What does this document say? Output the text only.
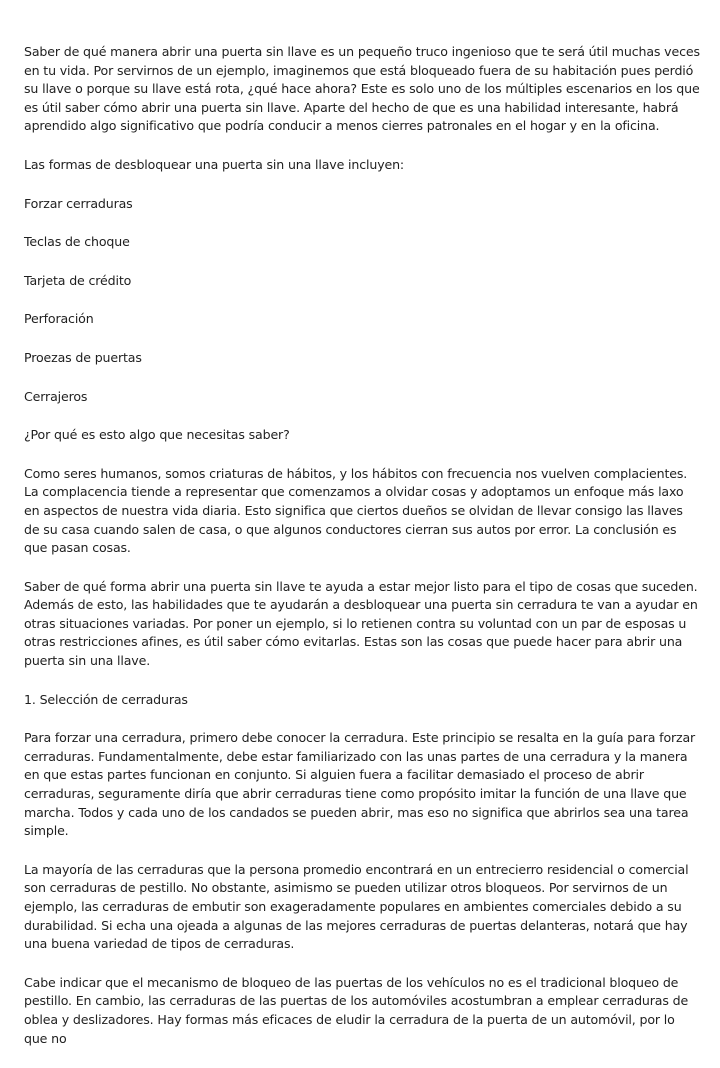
Saber de qué manera abrir una puerta sin llave es un pequeño truco ingenioso que te será útil muchas veces en tu vida. Por servirnos de un ejemplo, imaginemos que está bloqueado fuera de su habitación pues perdió su llave o porque su llave está rota, ¿qué hace ahora? Este es solo uno de los múltiples escenarios en los que es útil saber cómo abrir una puerta sin llave. Aparte del hecho de que es una habilidad interesante, habrá aprendido algo significativo que podría conducir a menos cierres patronales en el hogar y en la oficina.

Las formas de desbloquear una puerta sin una llave incluyen:

Forzar cerraduras

Teclas de choque

Tarjeta de crédito

Perforación

Proezas de puertas

Cerrajeros

¿Por qué es esto algo que necesitas saber?

Como seres humanos, somos criaturas de hábitos, y los hábitos con frecuencia nos vuelven complacientes. La complacencia tiende a representar que comenzamos a olvidar cosas y adoptamos un enfoque más laxo en aspectos de nuestra vida diaria. Esto significa que ciertos dueños se olvidan de llevar consigo las llaves de su casa cuando salen de casa, o que algunos conductores cierran sus autos por error. La conclusión es que pasan cosas.

Saber de qué forma abrir una puerta sin llave te ayuda a estar mejor listo para el tipo de cosas que suceden. Además de esto, las habilidades que te ayudarán a desbloquear una puerta sin cerradura te van a ayudar en otras situaciones variadas. Por poner un ejemplo, si lo retienen contra su voluntad con un par de esposas u otras restricciones afines, es útil saber cómo evitarlas. Estas son las cosas que puede hacer para abrir una puerta sin una llave.

1. Selección de cerraduras

Para forzar una cerradura, primero debe conocer la cerradura. Este principio se resalta en la guía para forzar cerraduras. Fundamentalmente, debe estar familiarizado con las unas partes de una cerradura y la manera en que estas partes funcionan en conjunto. Si alguien fuera a facilitar demasiado el proceso de abrir cerraduras, seguramente diría que abrir cerraduras tiene como propósito imitar la función de una llave que marcha. Todos y cada uno de los candados se pueden abrir, mas eso no significa que abrirlos sea una tarea simple.

La mayoría de las cerraduras que la persona promedio encontrará en un entrecierro residencial o comercial son cerraduras de pestillo. No obstante, asimismo se pueden utilizar otros bloqueos. Por servirnos de un ejemplo, las cerraduras de embutir son exageradamente populares en ambientes comerciales debido a su durabilidad. Si echa una ojeada a algunas de las mejores cerraduras de puertas delanteras, notará que hay una buena variedad de tipos de cerraduras.

Cabe indicar que el mecanismo de bloqueo de las puertas de los vehículos no es el tradicional bloqueo de pestillo. En cambio, las cerraduras de las puertas de los automóviles acostumbran a emplear cerraduras de oblea y deslizadores. Hay formas más eficaces de eludir la cerradura de la puerta de un automóvil, por lo que no
